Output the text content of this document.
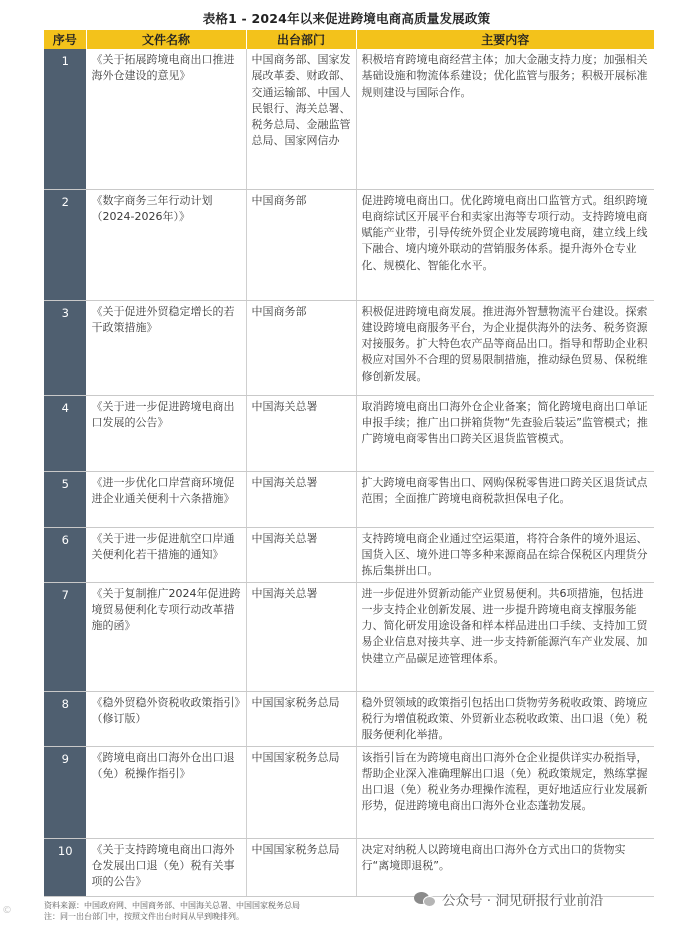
表格1 - 2024年以来促进跨境电商高质量发展政策
序号	文件名称	出台部门	主要内容
1	《关于拓展跨境电商出口推进海外仓建设的意见》	中国商务部、国家发展改革委、财政部、交通运输部、中国人民银行、海关总署、税务总局、金融监管总局、国家网信办	积极培育跨境电商经营主体；加大金融支持力度；加强相关基础设施和物流体系建设；优化监管与服务；积极开展标准规则建设与国际合作。
2	《数字商务三年行动计划（2024-2026年）》	中国商务部	促进跨境电商出口。优化跨境电商出口监管方式。组织跨境电商综试区开展平台和卖家出海等专项行动。支持跨境电商赋能产业带，引导传统外贸企业发展跨境电商，建立线上线下融合、境内境外联动的营销服务体系。提升海外仓专业化、规模化、智能化水平。
3	《关于促进外贸稳定增长的若干政策措施》	中国商务部	积极促进跨境电商发展。推进海外智慧物流平台建设。探索建设跨境电商服务平台，为企业提供海外的法务、税务资源对接服务。扩大特色农产品等商品出口。指导和帮助企业积极应对国外不合理的贸易限制措施，推动绿色贸易、保税维修创新发展。
4	《关于进一步促进跨境电商出口发展的公告》	中国海关总署	取消跨境电商出口海外仓企业备案；简化跨境电商出口单证申报手续；推广出口拼箱货物“先查验后装运”监管模式；推广跨境电商零售出口跨关区退货监管模式。
5	《进一步优化口岸营商环境促进企业通关便利十六条措施》	中国海关总署	扩大跨境电商零售出口、网购保税零售进口跨关区退货试点范围；全面推广跨境电商税款担保电子化。
6	《关于进一步促进航空口岸通关便利化若干措施的通知》	中国海关总署	支持跨境电商企业通过空运渠道，将符合条件的境外退运、国货入区、境外进口等多种来源商品在综合保税区内理货分拣后集拼出口。
7	《关于复制推广2024年促进跨境贸易便利化专项行动改革措施的函》	中国海关总署	进一步促进外贸新动能产业贸易便利。共6项措施，包括进一步支持企业创新发展、进一步提升跨境电商支撑服务能力、简化研发用途设备和样本样品进出口手续、支持加工贸易企业信息对接共享、进一步支持新能源汽车产业发展、加快建立产品碳足迹管理体系。
8	《稳外贸稳外资税收政策指引》（修订版）	中国国家税务总局	稳外贸领域的政策指引包括出口货物劳务税收政策、跨境应税行为增值税政策、外贸新业态税收政策、出口退（免）税服务便利化举措。
9	《跨境电商出口海外仓出口退（免）税操作指引》	中国国家税务总局	该指引旨在为跨境电商出口海外仓企业提供详实办税指导，帮助企业深入准确理解出口退（免）税政策规定，熟练掌握出口退（免）税业务办理操作流程，更好地适应行业发展新形势，促进跨境电商出口海外仓业态蓬勃发展。
10	《关于支持跨境电商出口海外仓发展出口退（免）税有关事项的公告》	中国国家税务总局	决定对纳税人以跨境电商出口海外仓方式出口的货物实行“离境即退税”。
资料来源：中国政府网、中国商务部、中国海关总署、中国国家税务总局
注：同一出台部门中，按照文件出台时间从早到晚排列。
©
公众号 · 洞见研报行业前沿
